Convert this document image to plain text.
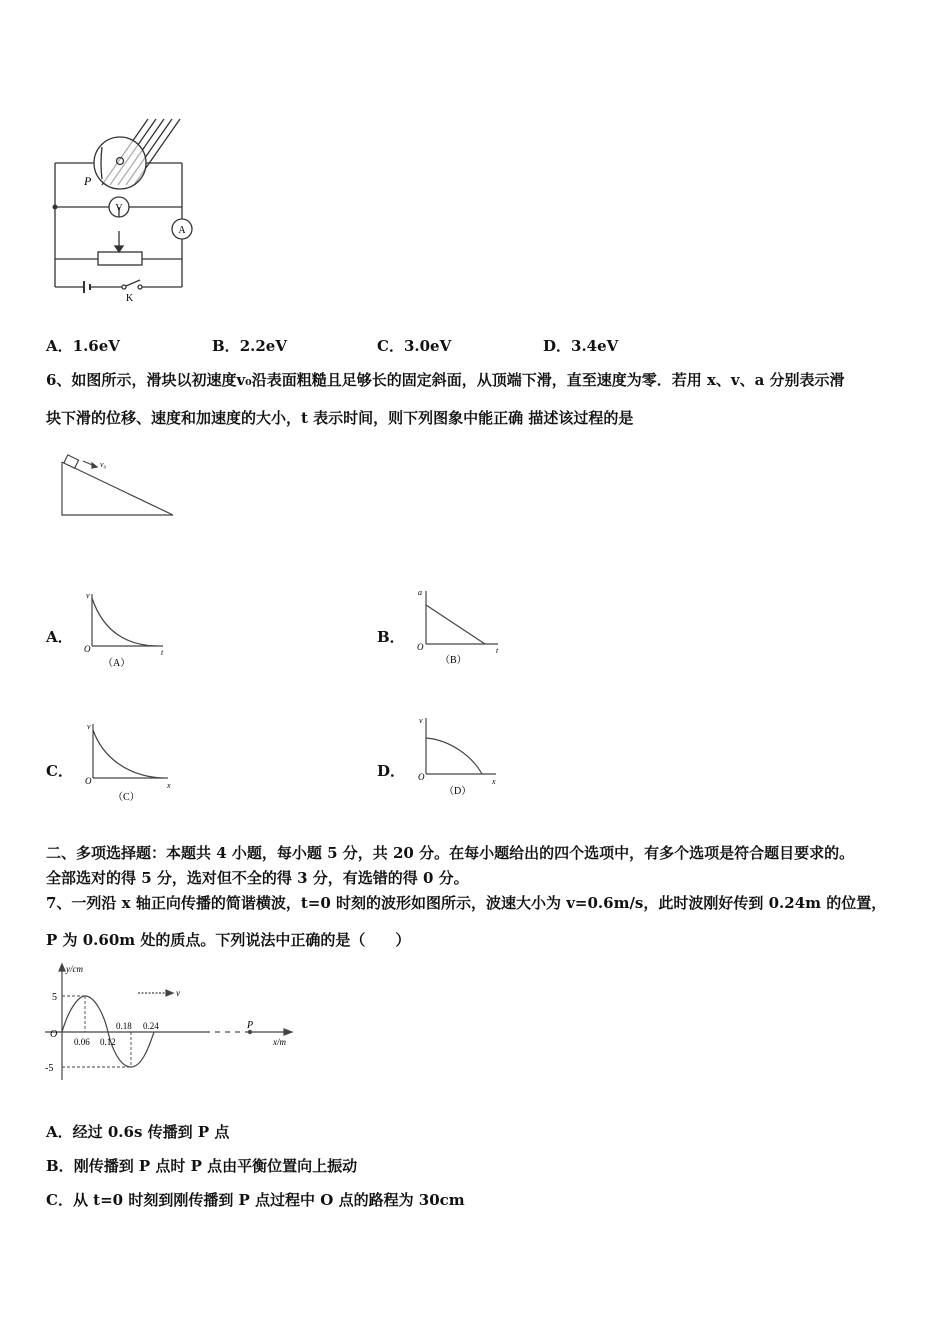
P
V
A
K
A．1.6eV	B．2.2eV	C．3.0eV	D．3.4eV
6、如图所示，滑块以初速度v₀沿表面粗糙且足够长的固定斜面，从顶端下滑，直至速度为零．若用 x、v、a 分别表示滑
块下滑的位移、速度和加速度的大小，t 表示时间，则下列图象中能正确 描述该过程的是
v₀
A．
v
O	t
（A）
B．
a
O	t
（B）
C．
v
O	x
（C）
D．
v
O	x
（D）
二、多项选择题：本题共 4 小题，每小题 5 分，共 20 分。在每小题给出的四个选项中，有多个选项是符合题目要求的。
全部选对的得 5 分，选对但不全的得 3 分，有选错的得 0 分。
7、一列沿 x 轴正向传播的简谐横波，t=0 时刻的波形如图所示，波速大小为 v=0.6m/s，此时波刚好传到 0.24m 的位置，
P 为 0.60m 处的质点。下列说法中正确的是（　　）
y/cm
x/m
O
5
-5
0.06 0.12
0.18 0.24	P
v
A．经过 0.6s 传播到 P 点
B．刚传播到 P 点时 P 点由平衡位置向上振动
C．从 t=0 时刻到刚传播到 P 点过程中 O 点的路程为 30cm
